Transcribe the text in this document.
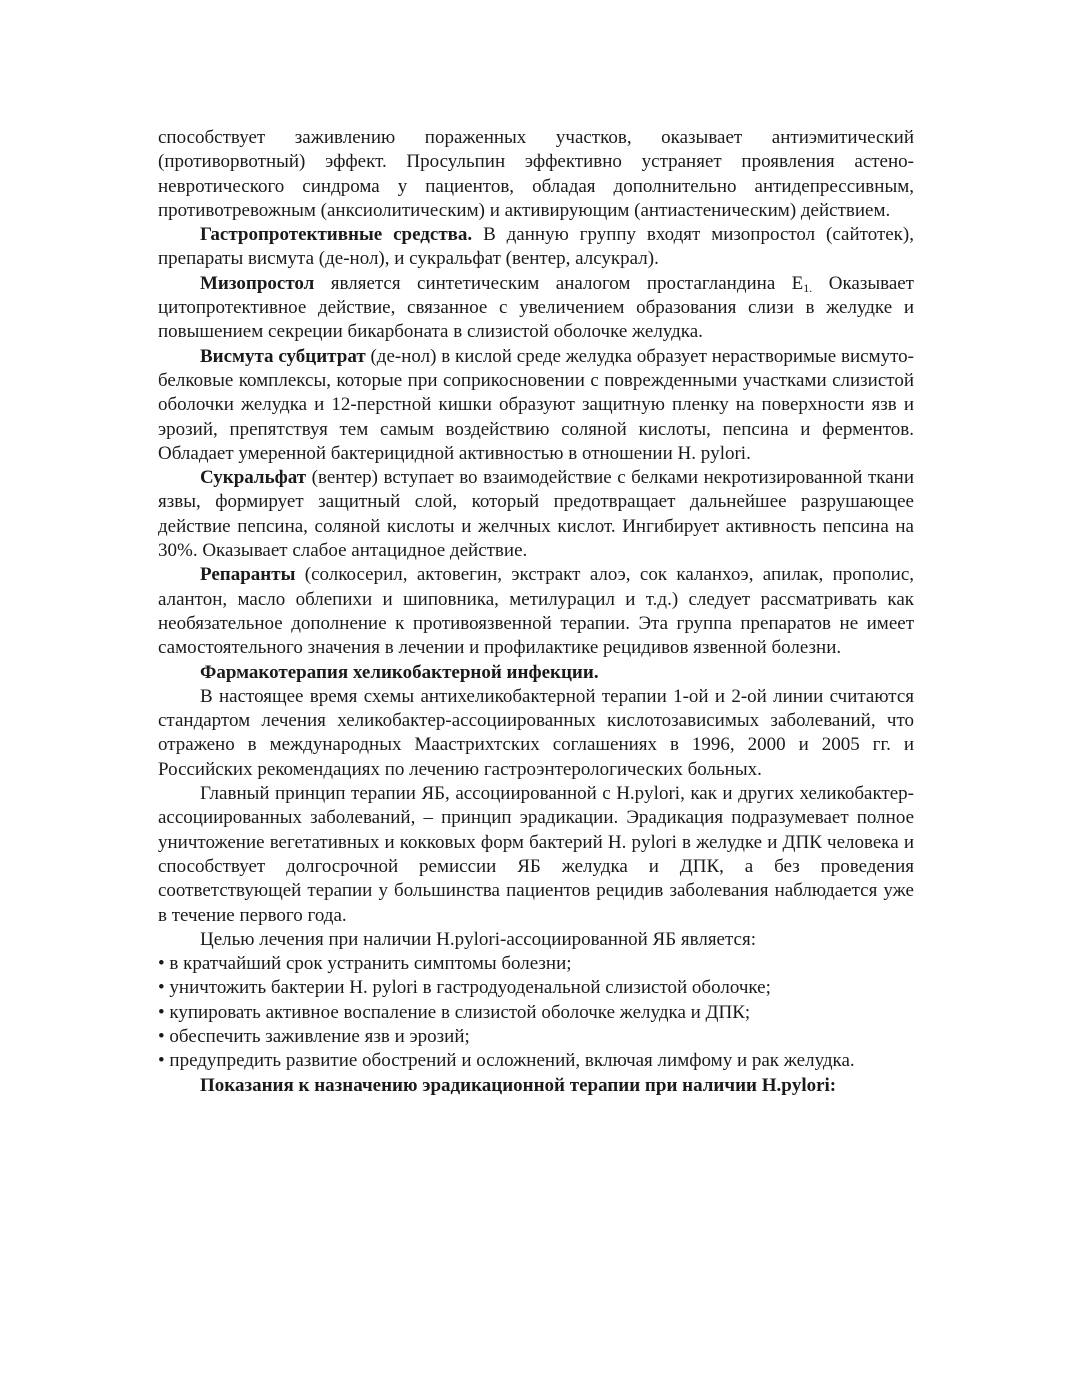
способствует заживлению пораженных участков, оказывает антиэмитический (противорвотный) эффект. Просульпин эффективно устраняет проявления астено-невротического синдрома у пациентов, обладая дополнительно антидепрессивным, противотревожным (анксиолитическим) и активирующим (антиастеническим) действием.

Гастропротективные средства. В данную группу входят мизопростол (сайтотек), препараты висмута (де-нол), и сукральфат (вентер, алсукрал).

Мизопростол является синтетическим аналогом простагландина $Е_{1.}$ Оказывает цитопротективное действие, связанное с увеличением образования слизи в желудке и повышением секреции бикарбоната в слизистой оболочке желудка.

Висмута субцитрат (де-нол) в кислой среде желудка образует нерастворимые висмуто-белковые комплексы, которые при соприкосновении с поврежденными участками слизистой оболочки желудка и 12-перстной кишки образуют защитную пленку на поверхности язв и эрозий, препятствуя тем самым воздействию соляной кислоты, пепсина и ферментов. Обладает умеренной бактерицидной активностью в отношении H. pylori.

Сукральфат (вентер) вступает во взаимодействие с белками некротизированной ткани язвы, формирует защитный слой, который предотвращает дальнейшее разрушающее действие пепсина, соляной кислоты и желчных кислот. Ингибирует активность пепсина на 30%. Оказывает слабое антацидное действие.

Репаранты (солкосерил, актовегин, экстракт алоэ, сок каланхоэ, апилак, прополис, алантон, масло облепихи и шиповника, метилурацил и т.д.) следует рассматривать как необязательное дополнение к противоязвенной терапии. Эта группа препаратов не имеет самостоятельного значения в лечении и профилактике рецидивов язвенной болезни.

Фармакотерапия хеликобактерной инфекции.

В настоящее время схемы антихеликобактерной терапии 1-ой и 2-ой линии считаются стандартом лечения хеликобактер-ассоциированных кислотозависимых заболеваний, что отражено в международных Маастрихтских соглашениях в 1996, 2000 и 2005 гг. и Российских рекомендациях по лечению гастроэнтерологических больных.

Главный принцип терапии ЯБ, ассоциированной с H.pylori, как и других хеликобактер-ассоциированных заболеваний, – принцип эрадикации. Эрадикация подразумевает полное уничтожение вегетативных и кокковых форм бактерий H. pylori в желудке и ДПК человека и способствует долгосрочной ремиссии ЯБ желудка и ДПК, а без проведения соответствующей терапии у большинства пациентов рецидив заболевания наблюдается уже в течение первого года.

Целью лечения при наличии H.pylori-ассоциированной ЯБ является:

• в кратчайший срок устранить симптомы болезни;

• уничтожить бактерии H. pylori в гастродуоденальной слизистой оболочке;

• купировать активное воспаление в слизистой оболочке желудка и ДПК;

• обеспечить заживление язв и эрозий;

• предупредить развитие обострений и осложнений, включая лимфому и рак желудка.

Показания к назначению эрадикационной терапии при наличии H.pylori:
